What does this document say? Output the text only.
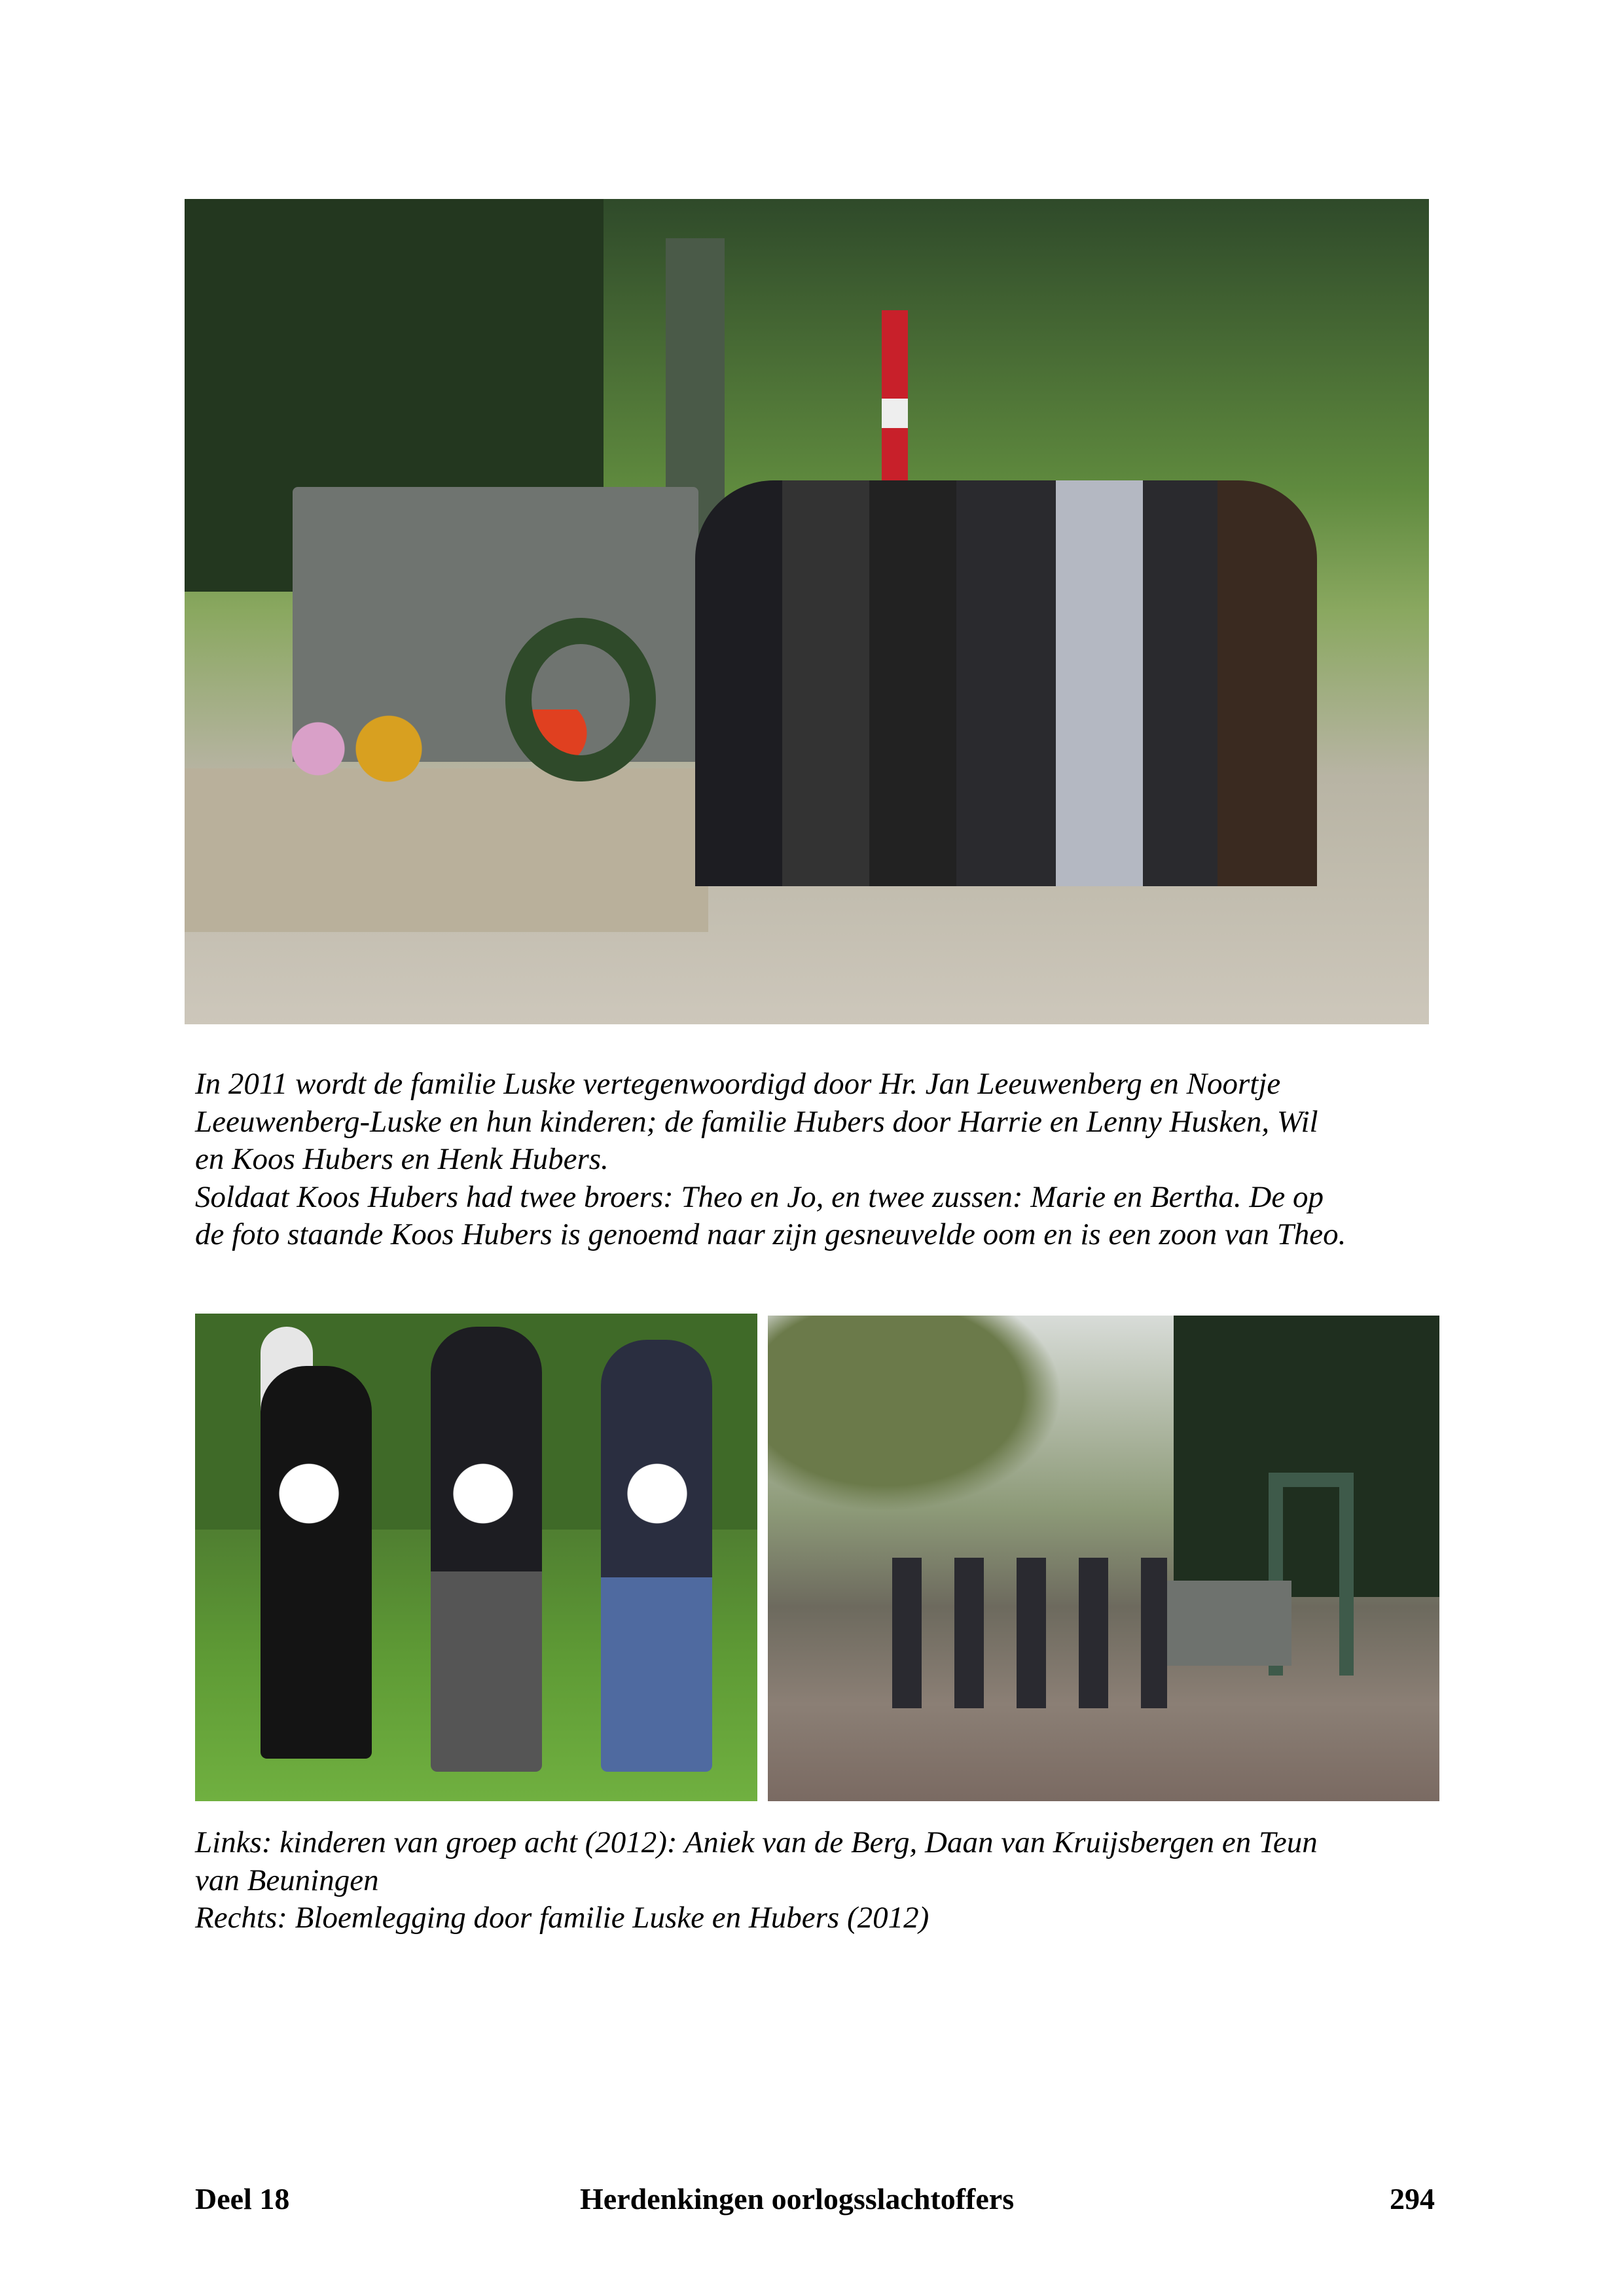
In 2011 wordt de familie Luske vertegenwoordigd door Hr. Jan Leeuwenberg en Noortje
Leeuwenberg-Luske en hun kinderen; de familie Hubers door Harrie en Lenny Husken, Wil
en Koos Hubers en Henk Hubers.
Soldaat Koos Hubers had twee broers: Theo en Jo, en twee zussen: Marie en Bertha. De op
de foto staande Koos Hubers is genoemd naar zijn gesneuvelde oom en is een zoon van Theo.
Links: kinderen van groep acht (2012): Aniek van de Berg, Daan van Kruijsbergen en Teun
van Beuningen
Rechts: Bloemlegging door familie Luske en Hubers (2012)
Deel 18	Herdenkingen oorlogsslachtoffers	294
